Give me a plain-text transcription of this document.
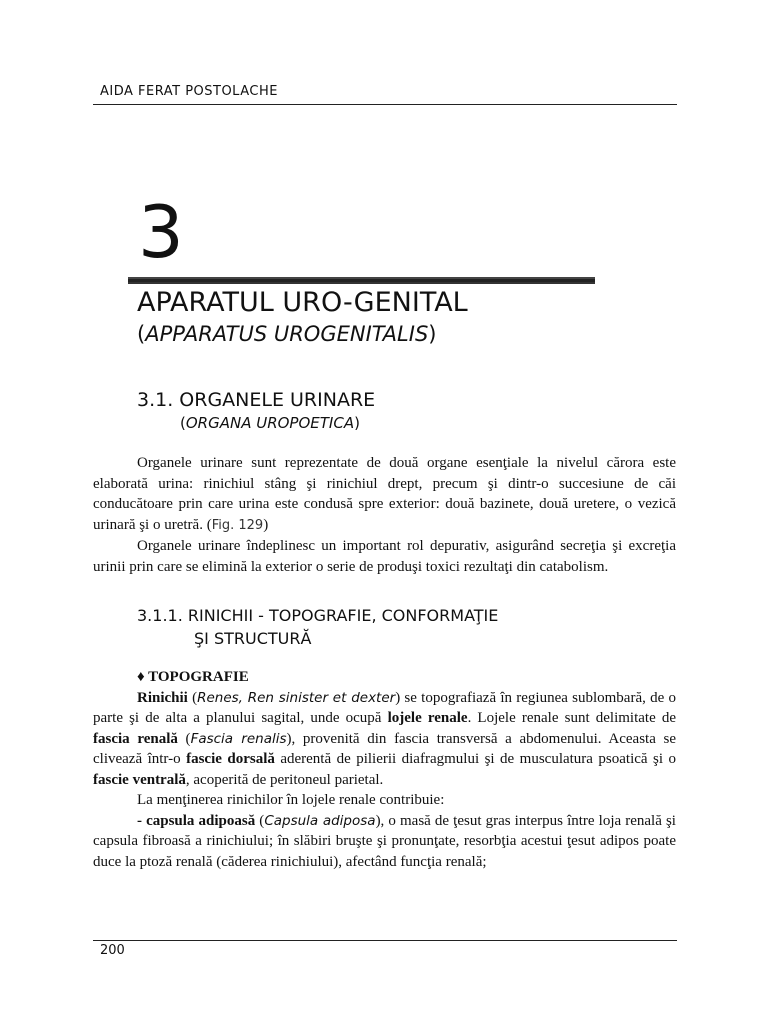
AIDA FERAT POSTOLACHE
3
APARATUL URO-GENITAL
(APPARATUS UROGENITALIS)
3.1. ORGANELE URINARE
(ORGANA UROPOETICA)

Organele urinare sunt reprezentate de două organe esenţiale la nivelul cărora este elaborată urina: rinichiul stâng şi rinichiul drept, precum şi dintr-o succesiune de căi conducătoare prin care urina este condusă spre exterior: două bazinete, două uretere, o vezică urinară şi o uretră. (Fig. 129)

Organele urinare îndeplinesc un important rol depurativ, asigurând secreţia şi excreţia urinii prin care se elimină la exterior o serie de produşi toxici rezultaţi din catabolism.

3.1.1. RINICHII - TOPOGRAFIE, CONFORMAŢIE
ŞI STRUCTURĂ

♦ TOPOGRAFIE

Rinichii (Renes, Ren sinister et dexter) se topografiază în regiunea sublombară, de o parte şi de alta a planului sagital, unde ocupă lojele renale. Lojele renale sunt delimitate de fascia renală (Fascia renalis), provenită din fascia transversă a abdomenului. Aceasta se clivează într-o fascie dorsală aderentă de pilierii diafragmului şi de musculatura psoatică şi o fascie ventrală, acoperită de peritoneul parietal.

La menţinerea rinichilor în lojele renale contribuie:

- capsula adipoasă (Capsula adiposa), o masă de ţesut gras interpus între loja renală şi capsula fibroasă a rinichiului; în slăbiri bruşte şi pronunţate, resorbţia acestui ţesut adipos poate duce la ptoză renală (căderea rinichiului), afectând funcţia renală;

200
